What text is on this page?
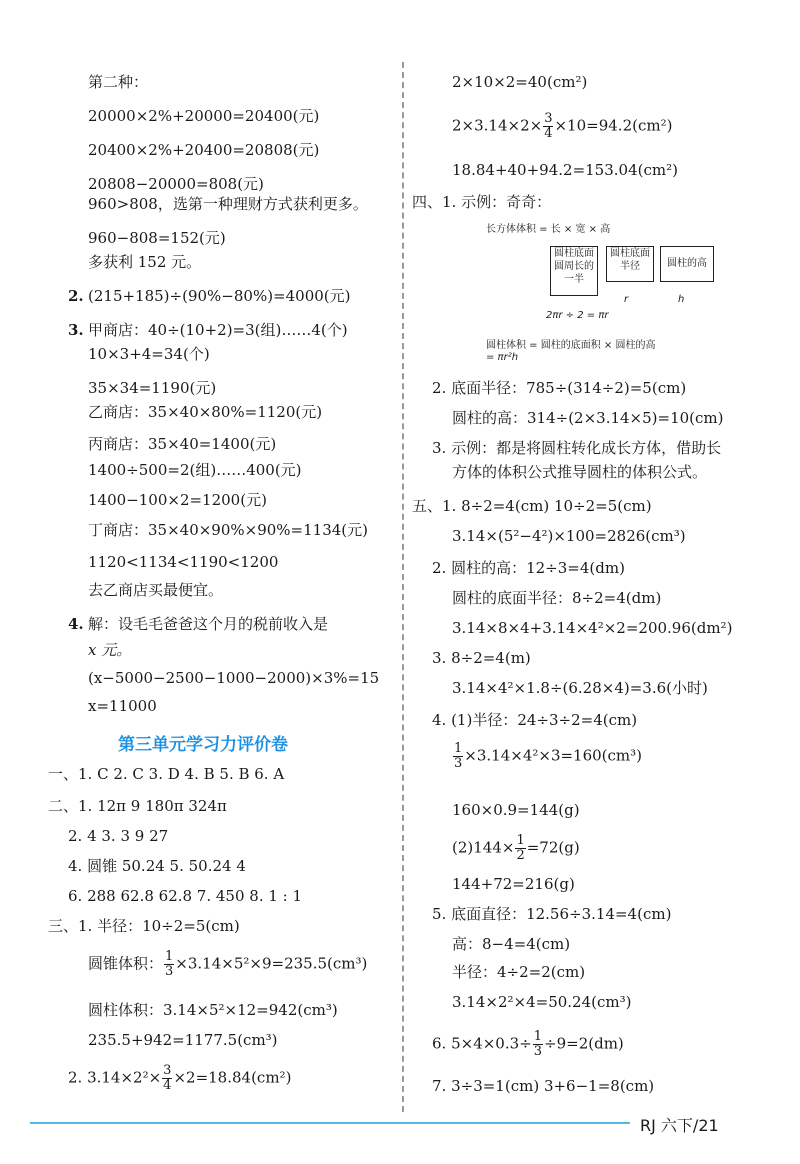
第二种：
20000×2%+20000=20400(元)
20400×2%+20400=20808(元)
20808−20000=808(元)
960>808，选第一种理财方式获利更多。
960−808=152(元)
多获利 152 元。
2. (215+185)÷(90%−80%)=4000(元)
3. 甲商店：40÷(10+2)=3(组)……4(个)
10×3+4=34(个)
35×34=1190(元)
乙商店：35×40×80%=1120(元)
丙商店：35×40=1400(元)
1400÷500=2(组)……400(元)
1400−100×2=1200(元)
丁商店：35×40×90%×90%=1134(元)
1120<1134<1190<1200
去乙商店买最便宜。
4. 解：设毛毛爸爸这个月的税前收入是
x 元。
(x−5000−2500−1000−2000)×3%=15
x=11000
第三单元学习力评价卷
一、1. C 2. C 3. D 4. B 5. B 6. A
二、1. 12π 9 180π 324π
2. 4 3. 3 9 27
4. 圆锥 50.24 5. 50.24 4
6. 288 62.8 62.8 7. 450 8. 1 : 1
三、1. 半径：10÷2=5(cm)
圆锥体积： $\frac{1}{3} \times 3.14\times 5^2\times 9=235.5(cm^3)$
圆柱体积：3.14×5²×12=942(cm³)
235.5+942=1177.5(cm³)
2. $3.14\times 2^2\times \frac{3}{4} \times 2=18.84(cm^2)$
2×10×2=40(cm²)
$2\times 3.14\times 2\times \frac{3}{4} \times 10=94.2(cm^2)$
18.84+40+94.2=153.04(cm²)
四、1. 示例：奇奇：
长方体体积 = 长 × 宽 × 高
圆柱底面圆周长的一半
圆柱底面半径	圆柱的高
r	h
2πr ÷ 2 = πr
圆柱体积 = 圆柱的底面积 × 圆柱的高
= πr²h
2. 底面半径：785÷(314÷2)=5(cm)
圆柱的高：314÷(2×3.14×5)=10(cm)
3. 示例：都是将圆柱转化成长方体，借助长
方体的体积公式推导圆柱的体积公式。
五、1. 8÷2=4(cm) 10÷2=5(cm)
3.14×(5²−4²)×100=2826(cm³)
2. 圆柱的高：12÷3=4(dm)
圆柱的底面半径：8÷2=4(dm)
3.14×8×4+3.14×4²×2=200.96(dm²)
3. 8÷2=4(m)
3.14×4²×1.8÷(6.28×4)=3.6(小时)
4. (1)半径：24÷3÷2=4(cm)
$\frac{1}{3} \times 3.14\times 4^2\times 3=160(cm^3)$
160×0.9=144(g)
$(2)144\times \frac{1}{2} =72(g)$
144+72=216(g)
5. 底面直径：12.56÷3.14=4(cm)
高：8−4=4(cm)
半径：4÷2=2(cm)
3.14×2²×4=50.24(cm³)
6. $5\times 4\times 0.3\div \frac{1}{3} \div 9=2(dm)$
7. 3÷3=1(cm) 3+6−1=8(cm)
RJ 六下/21
